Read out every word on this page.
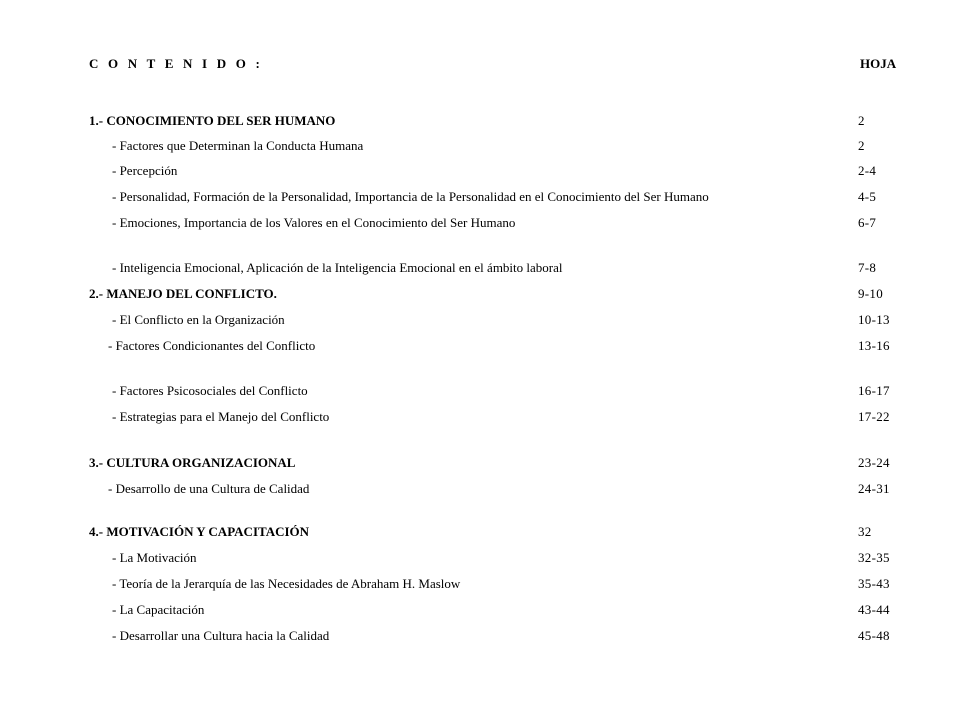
C O N T E N I D O :	HOJA
1.- CONOCIMIENTO DEL SER HUMANO	2
- Factores que Determinan la Conducta Humana	2
- Percepción	2-4
- Personalidad, Formación de la Personalidad, Importancia de la Personalidad en el Conocimiento del Ser Humano	4-5
- Emociones, Importancia de los Valores en el Conocimiento del Ser Humano	6-7
- Inteligencia Emocional, Aplicación de la Inteligencia Emocional en el ámbito laboral	7-8
2.- MANEJO DEL CONFLICTO.	9-10
- El Conflicto en la Organización	10-13
- Factores Condicionantes del Conflicto	13-16
- Factores Psicosociales del Conflicto	16-17
- Estrategias para el Manejo del Conflicto	17-22
3.- CULTURA ORGANIZACIONAL	23-24
- Desarrollo de una Cultura de Calidad	24-31
4.- MOTIVACIÓN Y CAPACITACIÓN	32
- La Motivación	32-35
- Teoría de la Jerarquía de las Necesidades de Abraham H. Maslow	35-43
- La Capacitación	43-44
- Desarrollar una Cultura hacia la Calidad	45-48
